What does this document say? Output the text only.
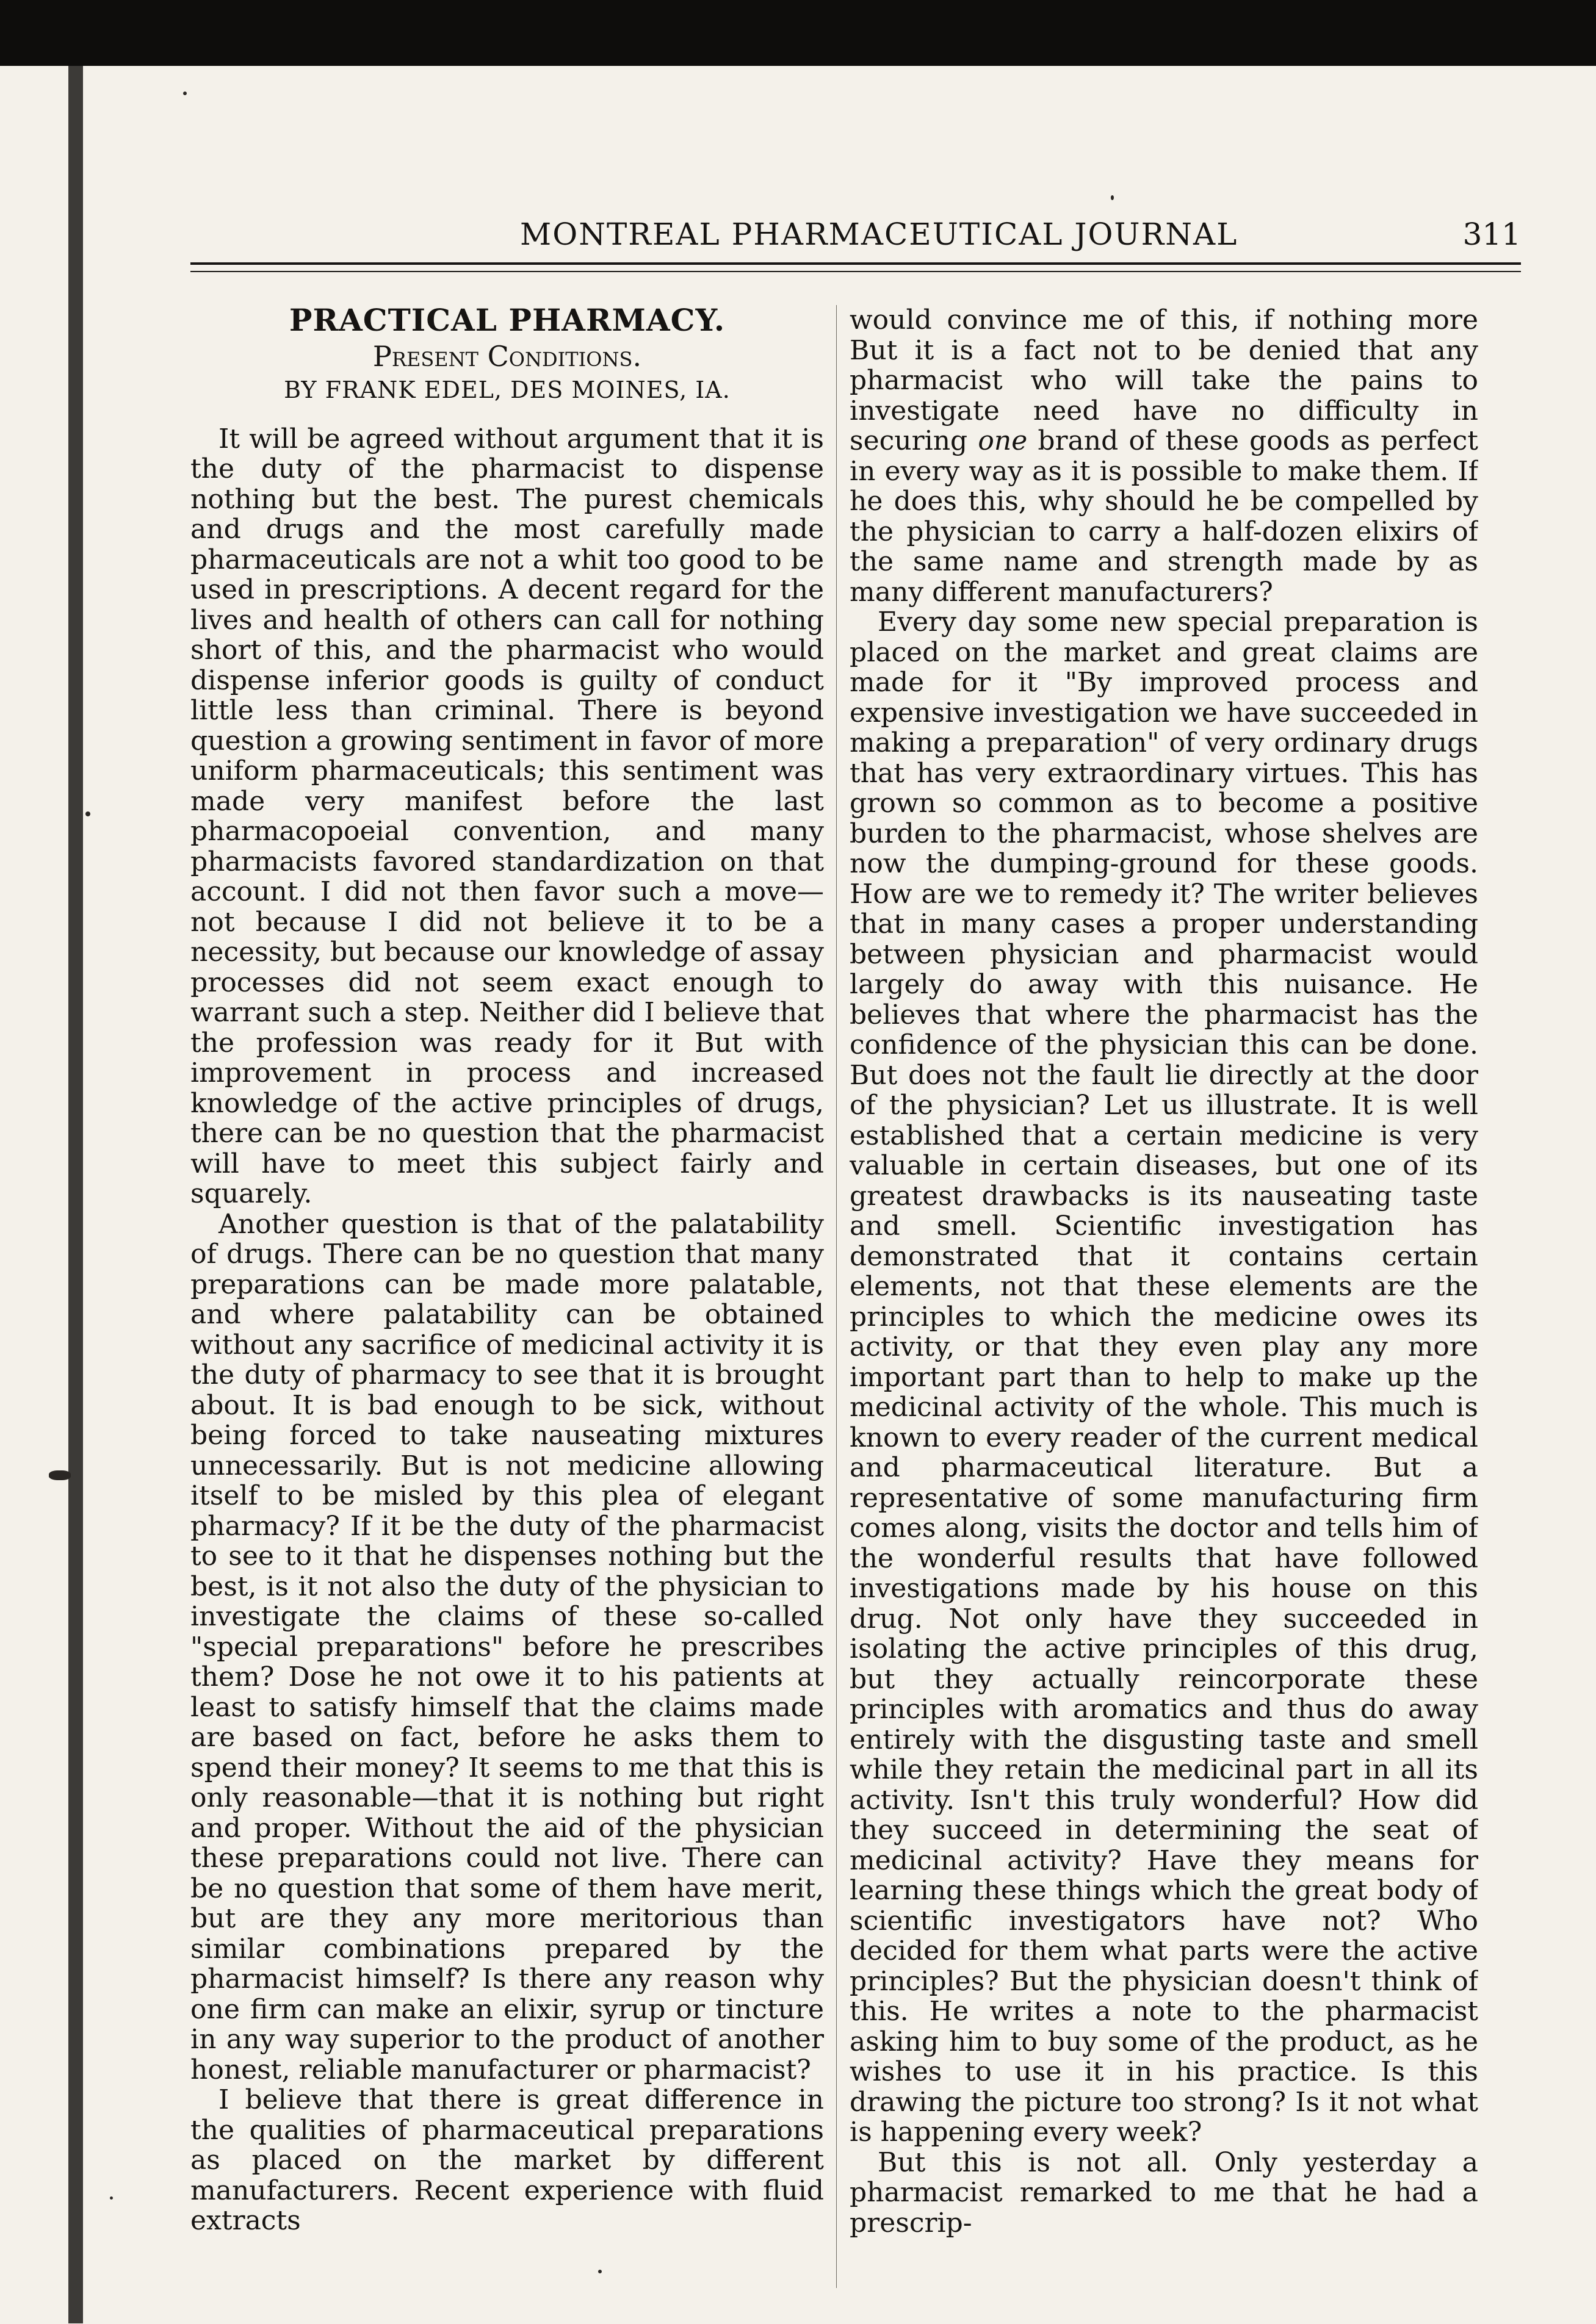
MONTREAL PHARMACEUTICAL JOURNAL	311
PRACTICAL PHARMACY.
Present Conditions.
BY FRANK EDEL, DES MOINES, IA.

It will be agreed without argument that it is the duty of the pharmacist to dispense nothing but the best. The purest chemicals and drugs and the most carefully made pharmaceuticals are not a whit too good to be used in prescriptions. A decent regard for the lives and health of others can call for nothing short of this, and the pharmacist who would dispense inferior goods is guilty of conduct little less than criminal. There is beyond question a growing sentiment in favor of more uniform pharmaceuticals; this sentiment was made very manifest before the last pharmacopoeial convention, and many pharmacists favored standardization on that account. I did not then favor such a move—not because I did not believe it to be a necessity, but because our knowledge of assay processes did not seem exact enough to warrant such a step. Neither did I believe that the profession was ready for it But with improvement in process and increased knowledge of the active principles of drugs, there can be no question that the pharmacist will have to meet this subject fairly and squarely.

Another question is that of the palatability of drugs. There can be no question that many preparations can be made more palatable, and where palatability can be obtained without any sacrifice of medicinal activity it is the duty of pharmacy to see that it is brought about. It is bad enough to be sick, without being forced to take nauseating mixtures unnecessarily. But is not medicine allowing itself to be misled by this plea of elegant pharmacy? If it be the duty of the pharmacist to see to it that he dispenses nothing but the best, is it not also the duty of the physician to investigate the claims of these so-called "special preparations" before he prescribes them? Dose he not owe it to his patients at least to satisfy himself that the claims made are based on fact, before he asks them to spend their money? It seems to me that this is only reasonable—that it is nothing but right and proper. Without the aid of the physician these preparations could not live. There can be no question that some of them have merit, but are they any more meritorious than similar combinations prepared by the pharmacist himself? Is there any reason why one firm can make an elixir, syrup or tincture in any way superior to the product of another honest, reliable manufacturer or pharmacist?

I believe that there is great difference in the qualities of pharmaceutical preparations as placed on the market by different manufacturers. Recent experience with fluid extracts

would convince me of this, if nothing more But it is a fact not to be denied that any pharmacist who will take the pains to investigate need have no difficulty in securing one brand of these goods as perfect in every way as it is possible to make them. If he does this, why should he be compelled by the physician to carry a half-dozen elixirs of the same name and strength made by as many different manufacturers?

Every day some new special preparation is placed on the market and great claims are made for it "By improved process and expensive investigation we have succeeded in making a preparation" of very ordinary drugs that has very extraordinary virtues. This has grown so common as to become a positive burden to the pharmacist, whose shelves are now the dumping-ground for these goods. How are we to remedy it? The writer believes that in many cases a proper understanding between physician and pharmacist would largely do away with this nuisance. He believes that where the pharmacist has the confidence of the physician this can be done. But does not the fault lie directly at the door of the physician? Let us illustrate. It is well established that a certain medicine is very valuable in certain diseases, but one of its greatest drawbacks is its nauseating taste and smell. Scientific investigation has demonstrated that it contains certain elements, not that these elements are the principles to which the medicine owes its activity, or that they even play any more important part than to help to make up the medicinal activity of the whole. This much is known to every reader of the current medical and pharmaceutical literature. But a representative of some manufacturing firm comes along, visits the doctor and tells him of the wonderful results that have followed investigations made by his house on this drug. Not only have they succeeded in isolating the active principles of this drug, but they actually reincorporate these principles with aromatics and thus do away entirely with the disgusting taste and smell while they retain the medicinal part in all its activity. Isn't this truly wonderful? How did they succeed in determining the seat of medicinal activity? Have they means for learning these things which the great body of scientific investigators have not? Who decided for them what parts were the active principles? But the physician doesn't think of this. He writes a note to the pharmacist asking him to buy some of the product, as he wishes to use it in his practice. Is this drawing the picture too strong? Is it not what is happening every week?

But this is not all. Only yesterday a pharmacist remarked to me that he had a prescrip-
